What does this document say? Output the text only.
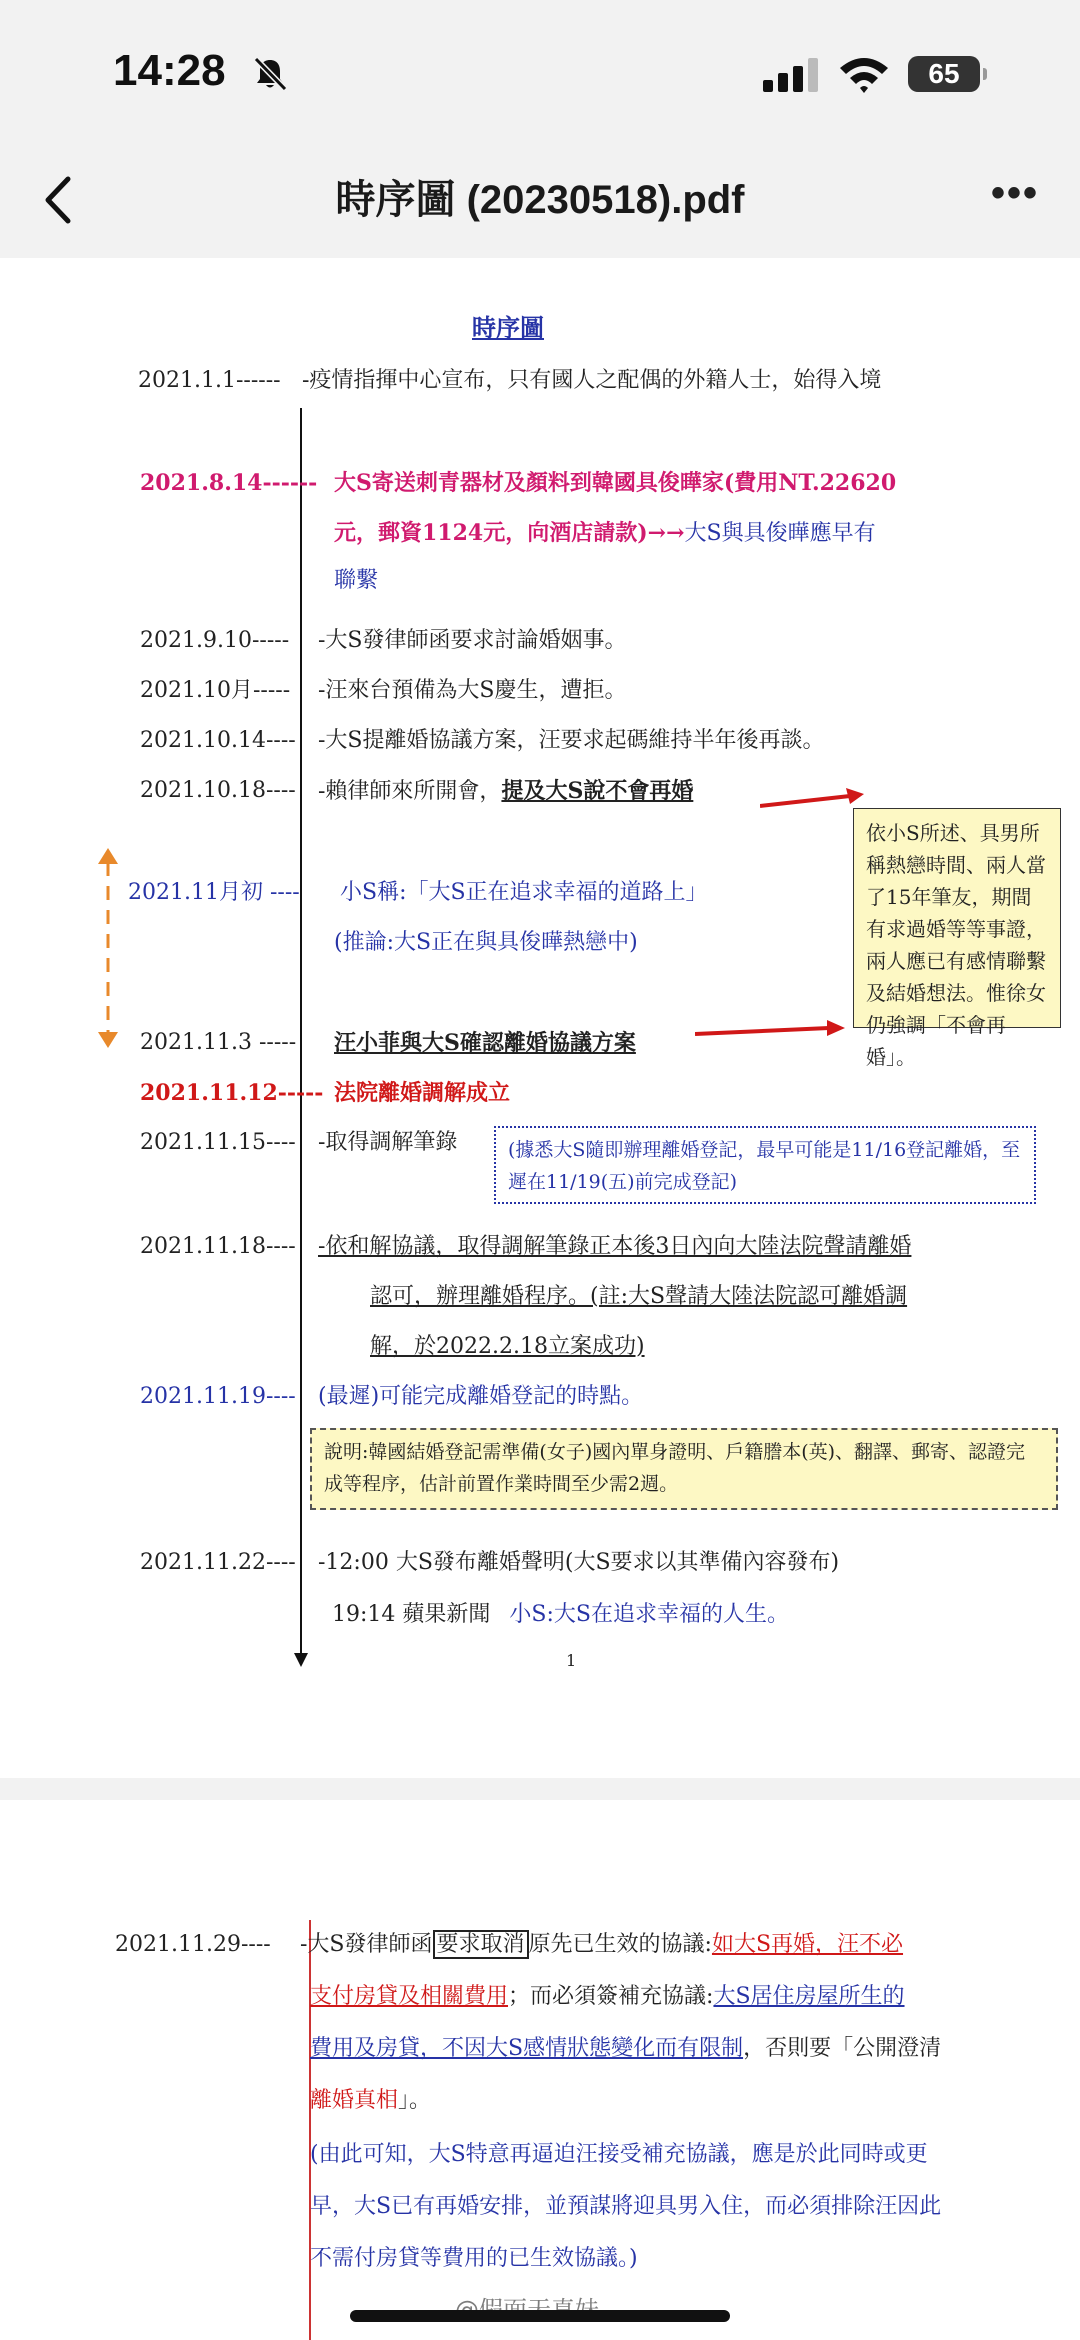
14:28	65
時序圖 (20230518).pdf	•••
時序圖
2021.1.1------ -疫情指揮中心宣布，只有國人之配偶的外籍人士，始得入境
2021.8.14------ 大S寄送刺青器材及顏料到韓國具俊曄家(費用NT.22620
元，郵資1124元，向酒店請款)→→大S與具俊曄應早有
聯繫
2021.9.10----- -大S發律師函要求討論婚姻事。
2021.10月----- -汪來台預備為大S慶生，遭拒。
2021.10.14---- -大S提離婚協議方案，汪要求起碼維持半年後再談。
2021.10.18---- -賴律師來所開會，提及大S說不會再婚
依小S所述、具男所稱熱戀時間、兩人當了15年筆友，期間有求過婚等等事證，兩人應已有感情聯繫及結婚想法。惟徐女仍強調「不會再婚」。
2021.11月初 ---- 小S稱:「大S正在追求幸福的道路上」
(推論:大S正在與具俊曄熱戀中)
2021.11.3 ----- 汪小菲與大S確認離婚協議方案
2021.11.12----- 法院離婚調解成立
2021.11.15---- -取得調解筆錄	(據悉大S隨即辦理離婚登記，最早可能是11/16登記離婚，至遲在11/19(五)前完成登記)
2021.11.18---- -依和解協議，取得調解筆錄正本後3日內向大陸法院聲請離婚
認可，辦理離婚程序。(註:大S聲請大陸法院認可離婚調
解，於2022.2.18立案成功)
2021.11.19---- (最遲)可能完成離婚登記的時點。
說明:韓國結婚登記需準備(女子)國內單身證明、戶籍謄本(英)、翻譯、郵寄、認證完成等程序，估計前置作業時間至少需2週。
2021.11.22---- -12:00 大S發布離婚聲明(大S要求以其準備內容發布)
19:14 蘋果新聞 小S:大S在追求幸福的人生。
1
2021.11.29---- -大S發律師函 要求取消 原先已生效的協議:如大S再婚，汪不必
支付房貸及相關費用；而必須簽補充協議:大S居住房屋所生的
費用及房貸，不因大S感情狀態變化而有限制，否則要「公開澄清
離婚真相」。
(由此可知，大S特意再逼迫汪接受補充協議，應是於此同時或更
早，大S已有再婚安排，並預謀將迎具男入住，而必須排除汪因此
不需付房貸等費用的已生效協議。)
